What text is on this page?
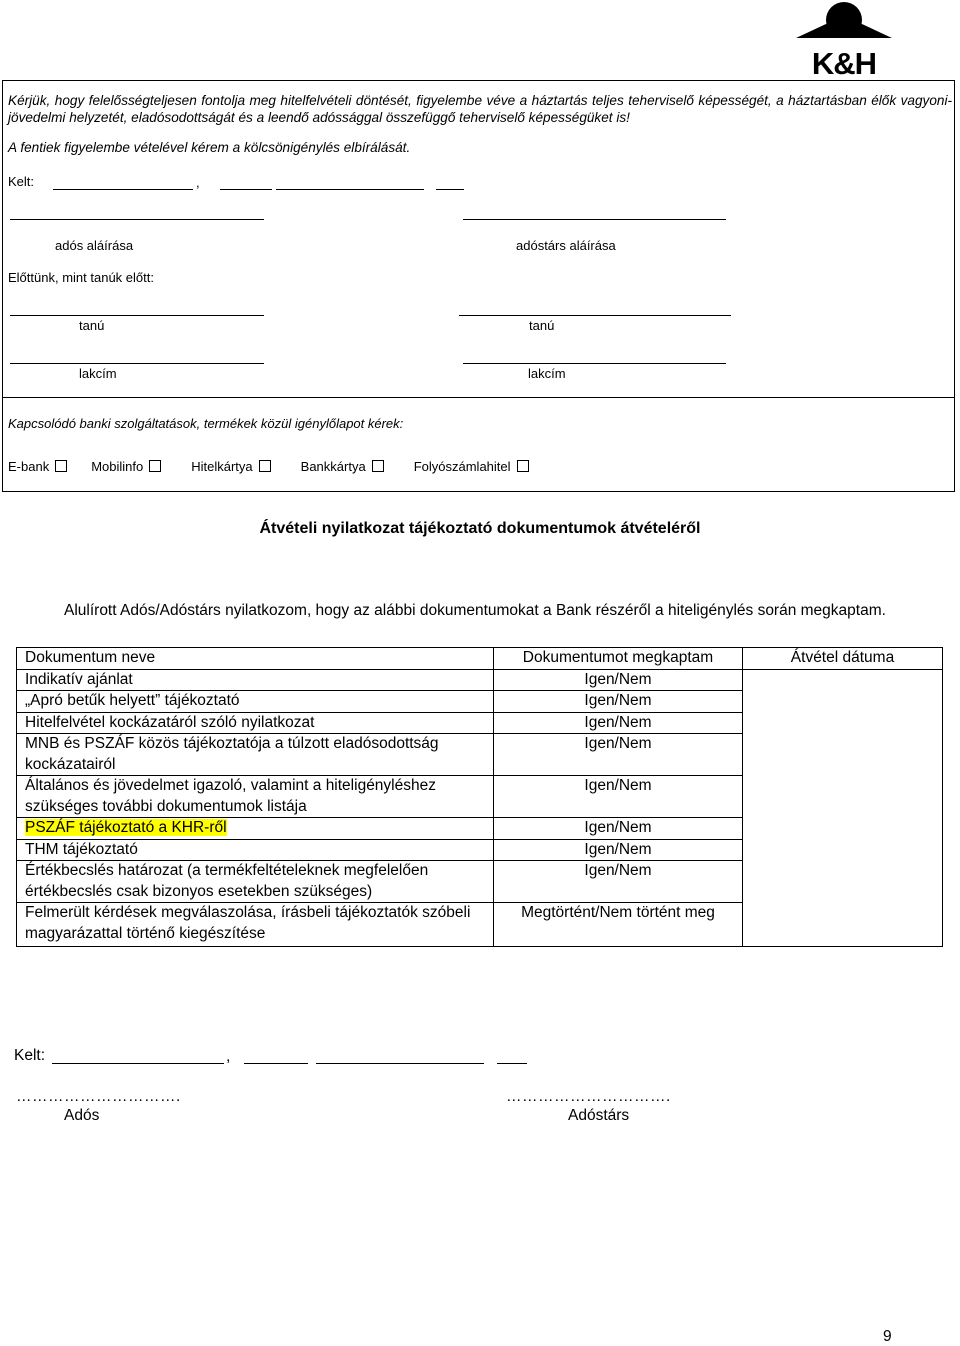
K&H
Kérjük, hogy felelősségteljesen fontolja meg hitelfelvételi döntését, figyelembe véve a háztartás teljes teherviselő képességét, a háztartásban élők vagyoni-jövedelmi helyzetét, eladósodottságát és a leendő adóssággal összefüggő teherviselő képességüket is!
A fentiek figyelembe vételével kérem a kölcsönigénylés elbírálását.
Kelt:	,
adós aláírása	adóstárs aláírása
Előttünk, mint tanúk előtt:
tanú	tanú
lakcím	lakcím
Kapcsolódó banki szolgáltatások, termékek közül igénylőlapot kérek:
E-bank	Mobilinfo	Hitelkártya	Bankkártya	Folyószámlahitel
Átvételi nyilatkozat tájékoztató dokumentumok átvételéről
Alulírott Adós/Adóstárs nyilatkozom, hogy az alábbi dokumentumokat a Bank részéről a hiteligénylés során megkaptam.
Dokumentum neve	Dokumentumot megkaptam	Átvétel dátuma
Indikatív ajánlat	Igen/Nem	
„Apró betűk helyett” tájékoztató	Igen/Nem	
Hitelfelvétel kockázatáról szóló nyilatkozat	Igen/Nem	
MNB és PSZÁF közös tájékoztatója a túlzott eladósodottság kockázatairól	Igen/Nem	
Általános és jövedelmet igazoló, valamint a hiteligényléshez szükséges további dokumentumok listája	Igen/Nem	
PSZÁF tájékoztató a KHR-ről	Igen/Nem	
THM tájékoztató	Igen/Nem	
Értékbecslés határozat (a termékfeltételeknek megfelelően értékbecslés csak bizonyos esetekben szükséges)	Igen/Nem	
Felmerült kérdések megválaszolása, írásbeli tájékoztatók szóbeli magyarázattal történő kiegészítése	Megtörtént/Nem történt meg	
Kelt:	,
………………………….	………………………….
Adós	Adóstárs
9
